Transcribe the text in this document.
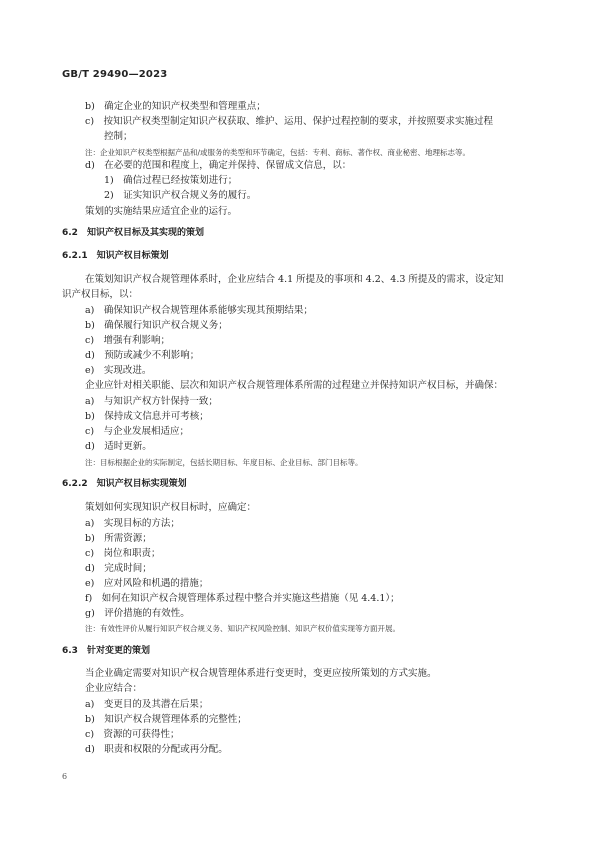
GB/T 29490—2023
b)　确定企业的知识产权类型和管理重点；
c)　按知识产权类型制定知识产权获取、维护、运用、保护过程控制的要求，并按照要求实施过程
控制；
注：企业知识产权类型根据产品和/或服务的类型和环节确定，包括：专利、商标、著作权、商业秘密、地理标志等。
d)　在必要的范围和程度上，确定并保持、保留成文信息，以：
1)　确信过程已经按策划进行；
2)　证实知识产权合规义务的履行。
策划的实施结果应适宜企业的运行。
6.2　知识产权目标及其实现的策划
6.2.1　知识产权目标策划
在策划知识产权合规管理体系时，企业应结合 4.1 所提及的事项和 4.2、4.3 所提及的需求，设定知
识产权目标，以：
a)　确保知识产权合规管理体系能够实现其预期结果；
b)　确保履行知识产权合规义务；
c)　增强有利影响；
d)　预防或减少不利影响；
e)　实现改进。
企业应针对相关职能、层次和知识产权合规管理体系所需的过程建立并保持知识产权目标，并确保：
a)　与知识产权方针保持一致；
b)　保持成文信息并可考核；
c)　与企业发展相适应；
d)　适时更新。
注：目标根据企业的实际制定，包括长期目标、年度目标、企业目标、部门目标等。
6.2.2　知识产权目标实现策划
策划如何实现知识产权目标时，应确定：
a)　实现目标的方法；
b)　所需资源；
c)　岗位和职责；
d)　完成时间；
e)　应对风险和机遇的措施；
f)　如何在知识产权合规管理体系过程中整合并实施这些措施（见 4.4.1）；
g)　评价措施的有效性。
注：有效性评价从履行知识产权合规义务、知识产权风险控制、知识产权价值实现等方面开展。
6.3　针对变更的策划
当企业确定需要对知识产权合规管理体系进行变更时，变更应按所策划的方式实施。
企业应结合：
a)　变更目的及其潜在后果；
b)　知识产权合规管理体系的完整性；
c)　资源的可获得性；
d)　职责和权限的分配或再分配。
6
